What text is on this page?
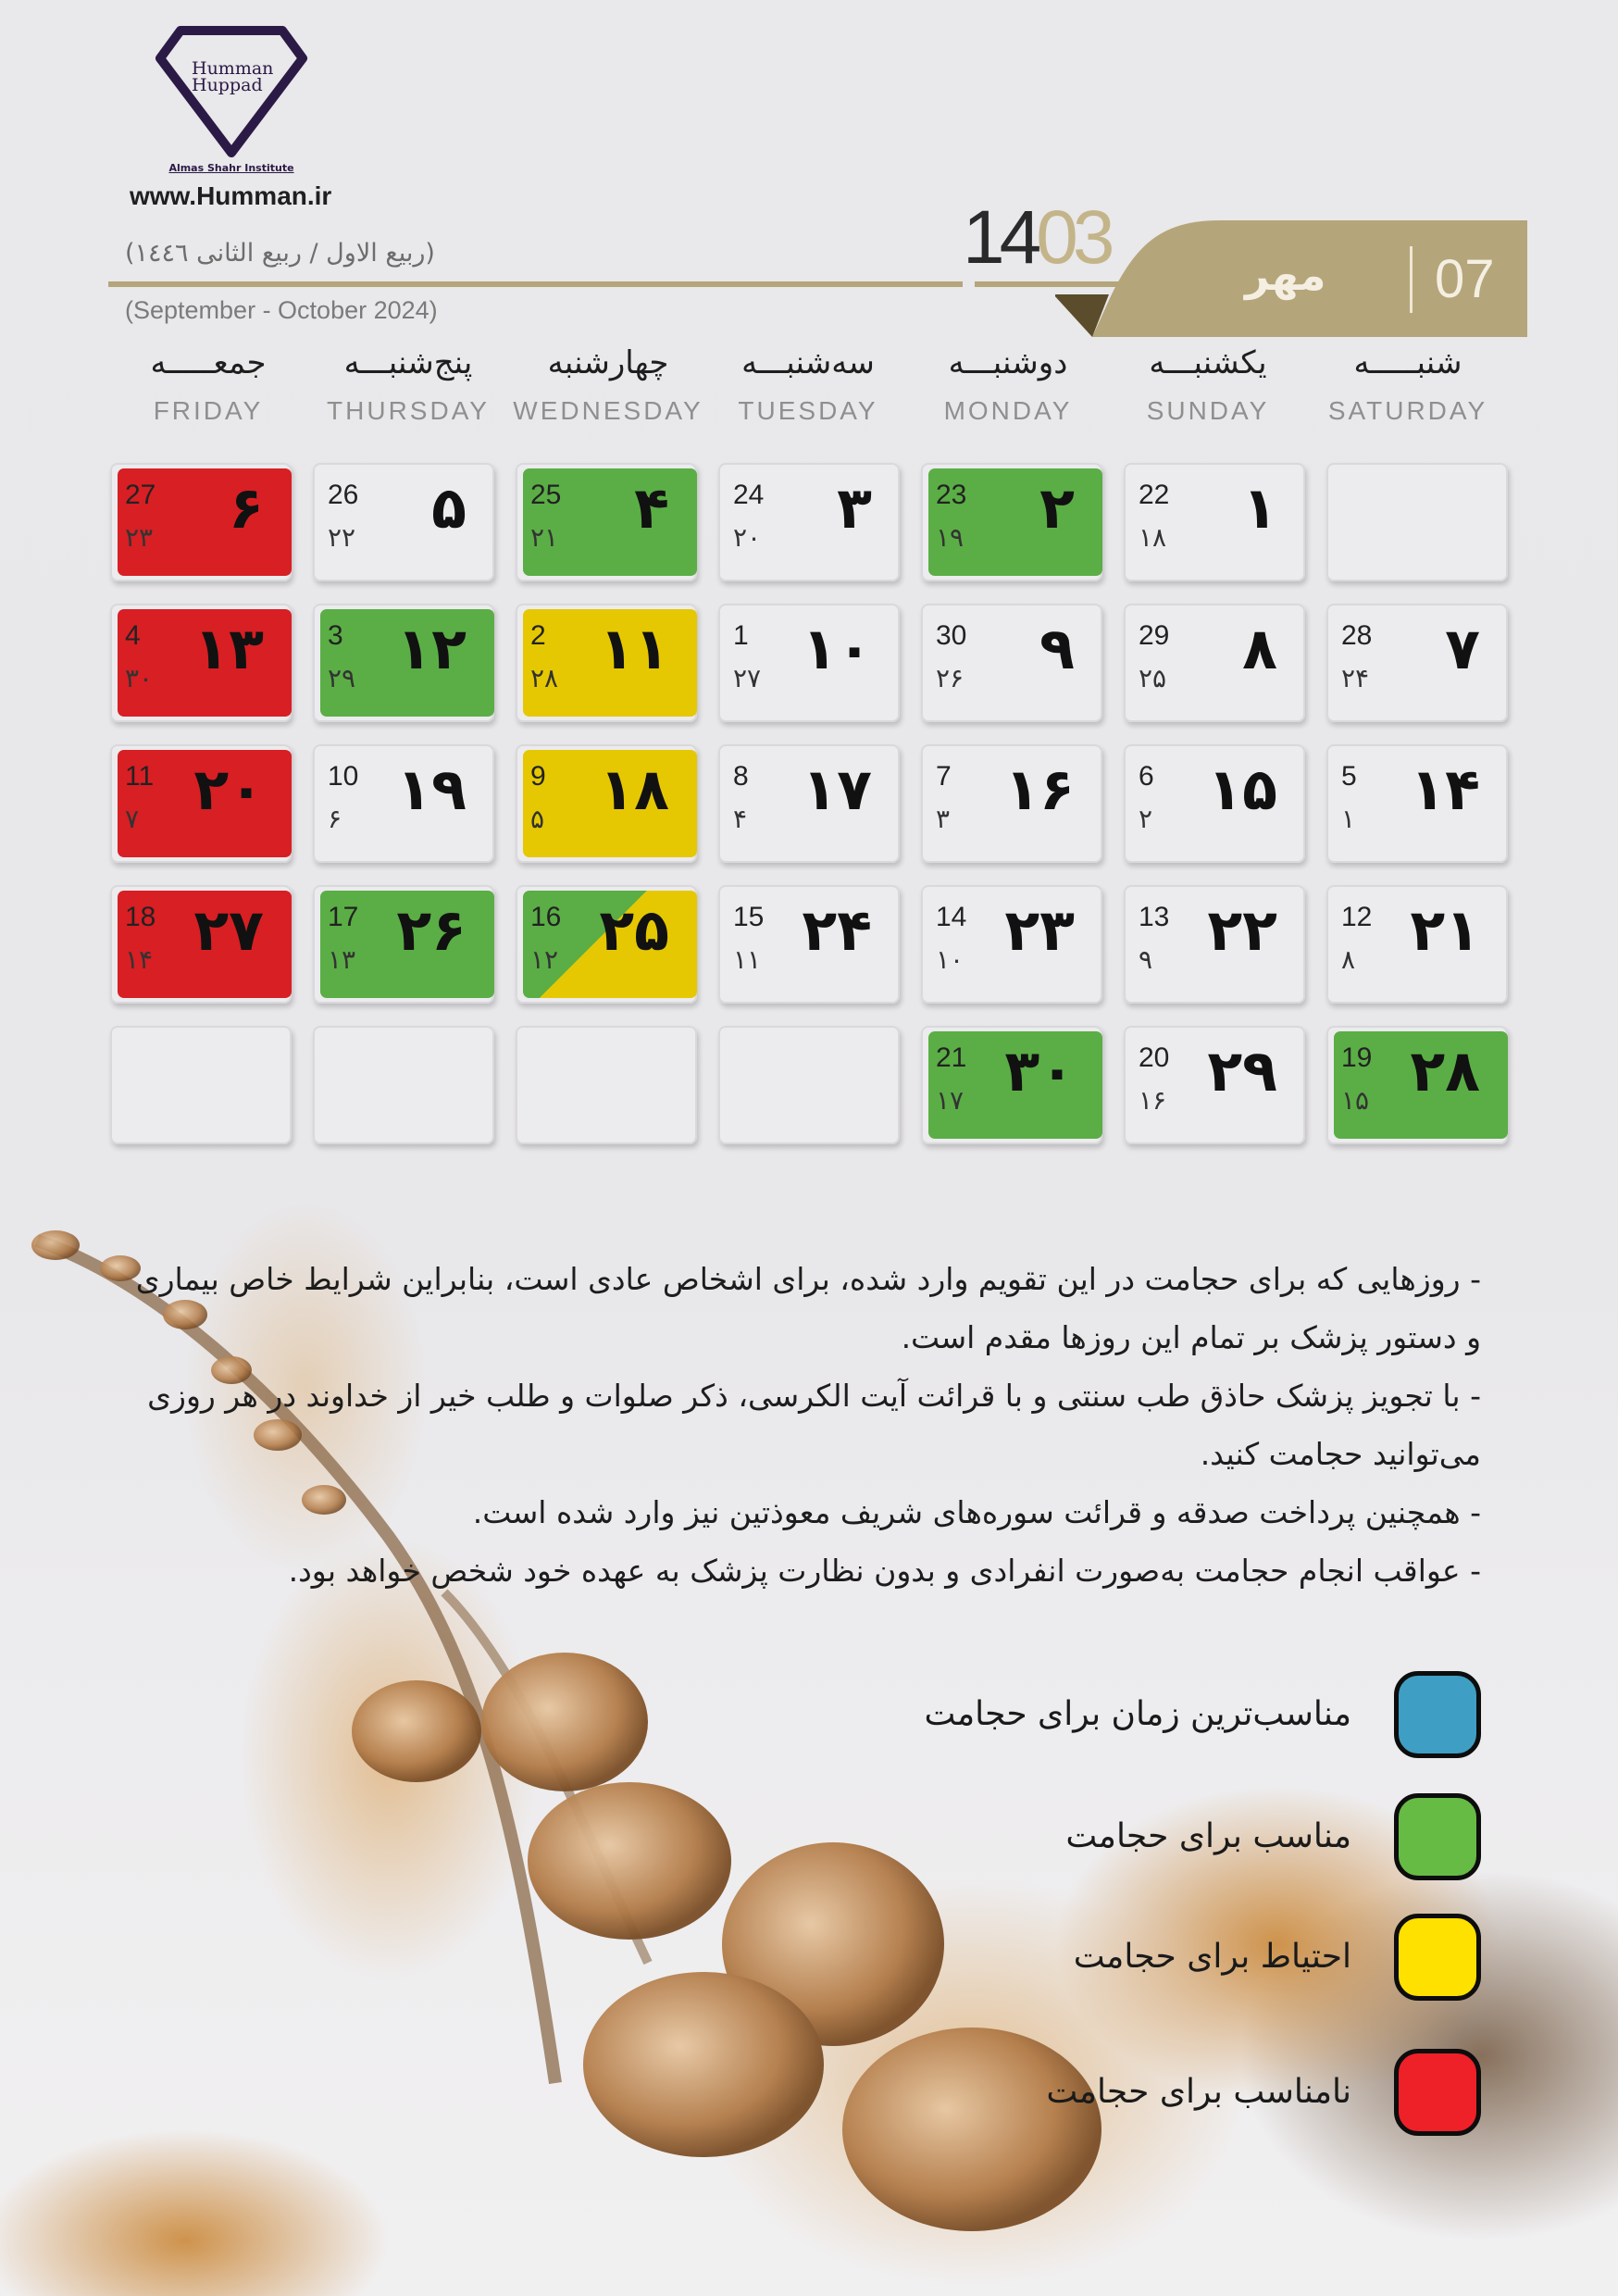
Humman
Huppad
Almas Shahr Institute
www.Humman.ir
(ربیع الاول / ربیع الثانی ۱٤٤٦)
(September - October 2024)
1403	مهر 07
شنبـــــه
SATURDAY
یکشنبـــه
SUNDAY
دوشنبـــه
MONDAY
سه‌شنبـــه
TUESDAY
چهارشنبه
WEDNESDAY
پنج‌شنبـــه
THURSDAY
جمعـــــه
FRIDAY
۱
22
۱۸
۲
23
۱۹
۳
24
۲۰
۴
25
۲۱
۵
26
۲۲
۶
27
۲۳
۷
28
۲۴
۸
29
۲۵
۹
30
۲۶
۱۰
1
۲۷
۱۱
2
۲۸
۱۲
3
۲۹
۱۳
4
۳۰
۱۴
5
۱
۱۵
6
۲
۱۶
7
۳
۱۷
8
۴
۱۸
9
۵
۱۹
10
۶
۲۰
11
۷
۲۱
12
۸
۲۲
13
۹
۲۳
14
۱۰
۲۴
15
۱۱
۲۵
16
۱۲
۲۶
17
۱۳
۲۷
18
۱۴
۲۸
19
۱۵
۲۹
20
۱۶
۳۰
21
۱۷

- روزهایی که برای حجامت در این تقویم وارد شده، برای اشخاص عادی است، بنابراین شرایط خاص بیماری و دستور پزشک بر تمام این روزها مقدم است.

- با تجویز پزشک حاذق طب سنتی و با قرائت آیت الکرسی، ذکر صلوات و طلب خیر از خداوند در هر روزی می‌توانید حجامت کنید.

- همچنین پرداخت صدقه و قرائت سوره‌های شریف معوذتین نیز وارد شده است.

- عواقب انجام حجامت به‌صورت انفرادی و بدون نظارت پزشک به عهده خود شخص خواهد بود.

مناسب‌ترین زمان برای حجامت
مناسب برای حجامت
احتیاط برای حجامت
نامناسب برای حجامت
